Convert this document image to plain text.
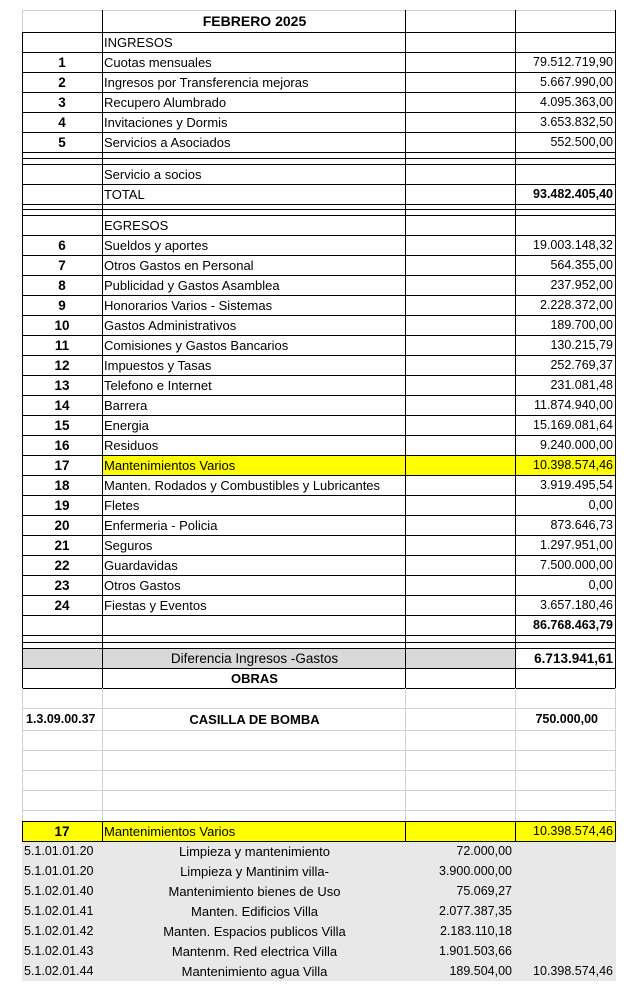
FEBRERO 2025
INGRESOS
1	Cuotas mensuales	79.512.719,90
2	Ingresos por Transferencia mejoras	5.667.990,00
3	Recupero Alumbrado	4.095.363,00
4	Invitaciones y Dormis	3.653.832,50
5	Servicios a Asociados	552.500,00
Servicio a socios
TOTAL	93.482.405,40
EGRESOS
6	Sueldos y aportes	19.003.148,32
7	Otros Gastos en Personal	564.355,00
8	Publicidad y Gastos Asamblea	237.952,00
9	Honorarios Varios - Sistemas	2.228.372,00
10	Gastos Administrativos	189.700,00
11	Comisiones y Gastos Bancarios	130.215,79
12	Impuestos y Tasas	252.769,37
13	Telefono e Internet	231.081,48
14	Barrera	11.874.940,00
15	Energia	15.169.081,64
16	Residuos	9.240.000,00
17	Mantenimientos Varios	10.398.574,46
18	Manten. Rodados y Combustibles y Lubricantes	3.919.495,54
19	Fletes	0,00
20	Enfermeria - Policia	873.646,73
21	Seguros	1.297.951,00
22	Guardavidas	7.500.000,00
23	Otros Gastos	0,00
24	Fiestas y Eventos	3.657.180,46
86.768.463,79
Diferencia Ingresos -Gastos	6.713.941,61
OBRAS
1.3.09.00.37	CASILLA DE BOMBA	750.000,00
17	Mantenimientos Varios	10.398.574,46
5.1.01.01.20	Limpieza y mantenimiento	72.000,00
5.1.01.01.20	Limpieza y Mantinim villa-	3.900.000,00
5.1.02.01.40	Mantenimiento bienes de Uso	75.069,27
5.1.02.01.41	Manten. Edificios Villa	2.077.387,35
5.1.02.01.42	Manten. Espacios publicos Villa	2.183.110,18
5.1.02.01.43	Mantenm. Red electrica Villa	1.901.503,66
5.1.02.01.44	Mantenimiento agua Villa	189.504,00	10.398.574,46
